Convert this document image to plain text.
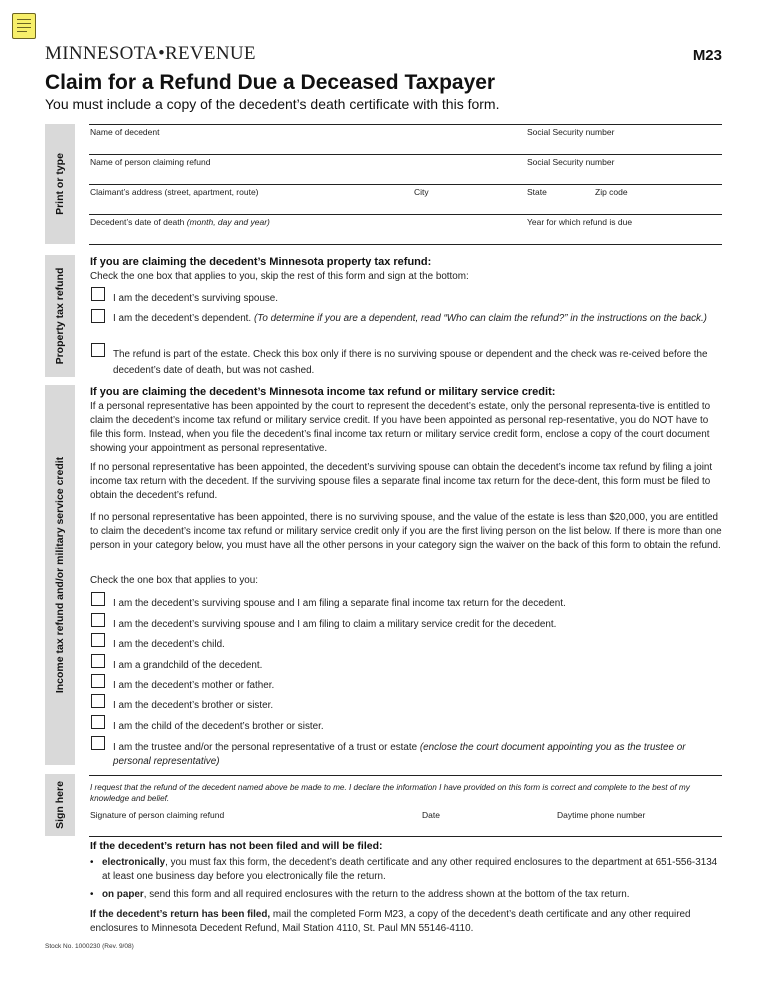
MINNESOTA•REVENUE	M23
Claim for a Refund Due a Deceased Taxpayer
You must include a copy of the decedent’s death certificate with this form.
Print or type
Property tax refund
Income tax refund and/or military service credit
Sign here
Name of decedent	Social Security number
Name of person claiming refund	Social Security number
Claimant’s address (street, apartment, route)	City	State	Zip code
Decedent’s date of death (month, day and year)	Year for which refund is due
If you are claiming the decedent’s Minnesota property tax refund:
Check the one box that applies to you, skip the rest of this form and sign at the bottom:
I am the decedent’s surviving spouse.
I am the decedent’s dependent. (To determine if you are a dependent, read “Who can claim the refund?” in the instructions on the back.)
The refund is part of the estate. Check this box only if there is no surviving spouse or dependent and the check was re-ceived before the decedent’s date of death, but was not cashed.
If you are claiming the decedent’s Minnesota income tax refund or military service credit:
If a personal representative has been appointed by the court to represent the decedent’s estate, only the personal representa-tive is entitled to claim the decedent’s income tax refund or military service credit. If you have been appointed as personal rep-resentative, you do NOT have to file this form. Instead, when you file the decedent’s final income tax return or military service credit form, enclose a copy of the court document showing your appointment as personal representative.
If no personal representative has been appointed, the decedent’s surviving spouse can obtain the decedent’s income tax refund by filing a joint income tax return with the decedent. If the surviving spouse files a separate final income tax return for the dece-dent, this form must be filed to obtain the decedent’s refund.
If no personal representative has been appointed, there is no surviving spouse, and the value of the estate is less than $20,000, you are entitled to claim the decedent’s income tax refund or military service credit only if you are the first living person on the list below. If there is more than one person in your category below, you must have all the other persons in your category sign the waiver on the back of this form to obtain the refund.
Check the one box that applies to you:
I am the decedent’s surviving spouse and I am filing a separate final income tax return for the decedent.
I am the decedent’s surviving spouse and I am filing to claim a military service credit for the decedent.
I am the decedent’s child.
I am a grandchild of the decedent.
I am the decedent’s mother or father.
I am the decedent’s brother or sister.
I am the child of the decedent’s brother or sister.
I am the trustee and/or the personal representative of a trust or estate (enclose the court document appointing you as the trustee or personal representative)
I request that the refund of the decedent named above be made to me. I declare the information I have provided on this form is correct and complete to the best of my knowledge and belief.
Signature of person claiming refund	Date	Daytime phone number
If the decedent’s return has not been filed and will be filed:
• electronically, you must fax this form, the decedent’s death certificate and any other required enclosures to the department at 651-556-3134 at least one business day before you electronically file the return.
• on paper, send this form and all required enclosures with the return to the address shown at the bottom of the tax return.
If the decedent’s return has been filed, mail the completed Form M23, a copy of the decedent’s death certificate and any other required enclosures to Minnesota Decedent Refund, Mail Station 4110, St. Paul MN 55146-4110.
Stock No. 1000230 (Rev. 9/08)
